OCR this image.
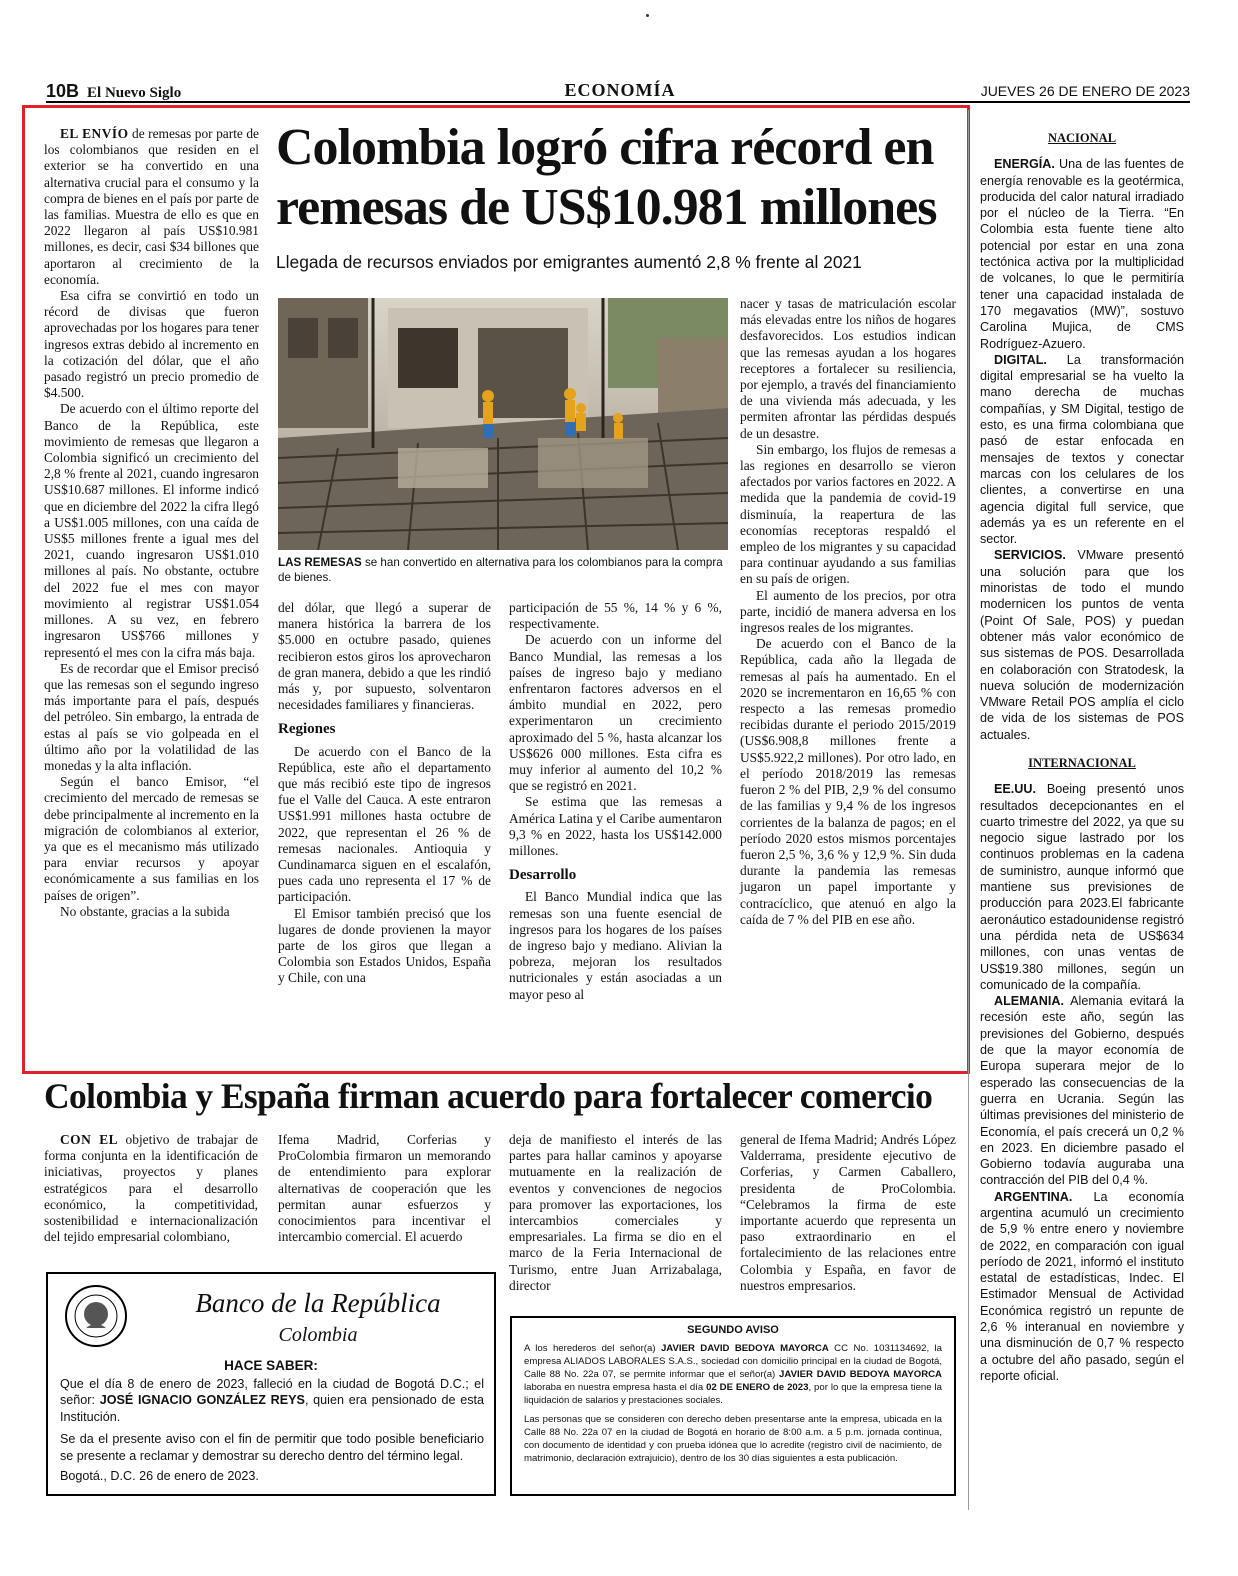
10B El Nuevo Siglo	ECONOMÍA	JUEVES 26 DE ENERO DE 2023
Colombia logró cifra récord en
remesas de US$10.981 millones
Llegada de recursos enviados por emigrantes aumentó 2,8 % frente al 2021

EL ENVÍO de remesas por parte de los colombianos que residen en el exterior se ha convertido en una alternativa crucial para el consumo y la compra de bienes en el país por parte de las familias. Muestra de ello es que en 2022 llegaron al país US$10.981 millones, es decir, casi $34 billones que aportaron al crecimiento de la economía.

Esa cifra se convirtió en todo un récord de divisas que fueron aprovechadas por los hogares para tener ingresos extras debido al incremento en la cotización del dólar, que el año pasado registró un precio promedio de $4.500.

De acuerdo con el último reporte del Banco de la República, este movimiento de remesas que llegaron a Colombia significó un crecimiento del 2,8 % frente al 2021, cuando ingresaron US$10.687 millones. El informe indicó que en diciembre del 2022 la cifra llegó a US$1.005 millones, con una caída de US$5 millones frente a igual mes del 2021, cuando ingresaron US$1.010 millones al país. No obstante, octubre del 2022 fue el mes con mayor movimiento al registrar US$1.054 millones. A su vez, en febrero ingresaron US$766 millones y representó el mes con la cifra más baja.

Es de recordar que el Emisor precisó que las remesas son el segundo ingreso más importante para el país, después del petróleo. Sin embargo, la entrada de estas al país se vio golpeada en el último año por la volatilidad de las monedas y la alta inflación.

Según el banco Emisor, “el crecimiento del mercado de remesas se debe principalmente al incremento en la migración de colombianos al exterior, ya que es el mecanismo más utilizado para enviar recursos y apoyar económicamente a sus familias en los países de origen”.

No obstante, gracias a la subida

LAS REMESAS se han convertido en alternativa para los colombianos para la compra de bienes.

del dólar, que llegó a superar de manera histórica la barrera de los $5.000 en octubre pasado, quienes recibieron estos giros los aprovecharon de gran manera, debido a que les rindió más y, por supuesto, solventaron necesidades familiares y financieras.

Regiones

De acuerdo con el Banco de la República, este año el departamento que más recibió este tipo de ingresos fue el Valle del Cauca. A este entraron US$1.991 millones hasta octubre de 2022, que representan el 26 % de remesas nacionales. Antioquia y Cundinamarca siguen en el escalafón, pues cada uno representa el 17 % de participación.

El Emisor también precisó que los lugares de donde provienen la mayor parte de los giros que llegan a Colombia son Estados Unidos, España y Chile, con una

participación de 55 %, 14 % y 6 %, respectivamente.

De acuerdo con un informe del Banco Mundial, las remesas a los países de ingreso bajo y mediano enfrentaron factores adversos en el ámbito mundial en 2022, pero experimentaron un crecimiento aproximado del 5 %, hasta alcanzar los US$626 000 millones. Esta cifra es muy inferior al aumento del 10,2 % que se registró en 2021.

Se estima que las remesas a América Latina y el Caribe aumentaron 9,3 % en 2022, hasta los US$142.000 millones.

Desarrollo

El Banco Mundial indica que las remesas son una fuente esencial de ingresos para los hogares de los países de ingreso bajo y mediano. Alivian la pobreza, mejoran los resultados nutricionales y están asociadas a un mayor peso al

nacer y tasas de matriculación escolar más elevadas entre los niños de hogares desfavorecidos. Los estudios indican que las remesas ayudan a los hogares receptores a fortalecer su resiliencia, por ejemplo, a través del financiamiento de una vivienda más adecuada, y les permiten afrontar las pérdidas después de un desastre.

Sin embargo, los flujos de remesas a las regiones en desarrollo se vieron afectados por varios factores en 2022. A medida que la pandemia de covid-19 disminuía, la reapertura de las economías receptoras respaldó el empleo de los migrantes y su capacidad para continuar ayudando a sus familias en su país de origen.

El aumento de los precios, por otra parte, incidió de manera adversa en los ingresos reales de los migrantes.

De acuerdo con el Banco de la República, cada año la llegada de remesas al país ha aumentado. En el 2020 se incrementaron en 16,65 % con respecto a las remesas promedio recibidas durante el periodo 2015/2019 (US$6.908,8 millones frente a US$5.922,2 millones). Por otro lado, en el período 2018/2019 las remesas fueron 2 % del PIB, 2,9 % del consumo de las familias y 9,4 % de los ingresos corrientes de la balanza de pagos; en el período 2020 estos mismos porcentajes fueron 2,5 %, 3,6 % y 12,9 %. Sin duda durante la pandemia las remesas jugaron un papel importante y contracíclico, que atenuó en algo la caída de 7 % del PIB en ese año.

NACIONAL

ENERGÍA. Una de las fuentes de energía renovable es la geotérmica, producida del calor natural irradiado por el núcleo de la Tierra. “En Colombia esta fuente tiene alto potencial por estar en una zona tectónica activa por la multiplicidad de volcanes, lo que le permitiría tener una capacidad instalada de 170 megavatios (MW)”, sostuvo Carolina Mujica, de CMS Rodríguez-Azuero.

DIGITAL. La transformación digital empresarial se ha vuelto la mano derecha de muchas compañías, y SM Digital, testigo de esto, es una firma colombiana que pasó de estar enfocada en mensajes de textos y conectar marcas con los celulares de los clientes, a convertirse en una agencia digital full service, que además ya es un referente en el sector.

SERVICIOS. VMware presentó una solución para que los minoristas de todo el mundo modernicen los puntos de venta (Point Of Sale, POS) y puedan obtener más valor económico de sus sistemas de POS. Desarrollada en colaboración con Stratodesk, la nueva solución de modernización VMware Retail POS amplía el ciclo de vida de los sistemas de POS actuales.

INTERNACIONAL

EE.UU. Boeing presentó unos resultados decepcionantes en el cuarto trimestre del 2022, ya que su negocio sigue lastrado por los continuos problemas en la cadena de suministro, aunque informó que mantiene sus previsiones de producción para 2023.El fabricante aeronáutico estadounidense registró una pérdida neta de US$634 millones, con unas ventas de US$19.380 millones, según un comunicado de la compañía.

ALEMANIA. Alemania evitará la recesión este año, según las previsiones del Gobierno, después de que la mayor economía de Europa superara mejor de lo esperado las consecuencias de la guerra en Ucrania. Según las últimas previsiones del ministerio de Economía, el país crecerá un 0,2 % en 2023. En diciembre pasado el Gobierno todavía auguraba una contracción del PIB del 0,4 %.

ARGENTINA. La economía argentina acumuló un crecimiento de 5,9 % entre enero y noviembre de 2022, en comparación con igual período de 2021, informó el instituto estatal de estadísticas, Indec. El Estimador Mensual de Actividad Económica registró un repunte de 2,6 % interanual en noviembre y una disminución de 0,7 % respecto a octubre del año pasado, según el reporte oficial.

Colombia y España firman acuerdo para fortalecer comercio

CON EL objetivo de trabajar de forma conjunta en la identificación de iniciativas, proyectos y planes estratégicos para el desarrollo económico, la competitividad, sostenibilidad e internacionalización del tejido empresarial colombiano,

Ifema Madrid, Corferias y ProColombia firmaron un memorando de entendimiento para explorar alternativas de cooperación que les permitan aunar esfuerzos y conocimientos para incentivar el intercambio comercial. El acuerdo

deja de manifiesto el interés de las partes para hallar caminos y apoyarse mutuamente en la realización de eventos y convenciones de negocios para promover las exportaciones, los intercambios comerciales y empresariales. La firma se dio en el marco de la Feria Internacional de Turismo, entre Juan Arrizabalaga, director

general de Ifema Madrid; Andrés López Valderrama, presidente ejecutivo de Corferias, y Carmen Caballero, presidenta de ProColombia. “Celebramos la firma de este importante acuerdo que representa un paso extraordinario en el fortalecimiento de las relaciones entre Colombia y España, en favor de nuestros empresarios.

Banco de la República
Colombia
HACE SABER:
Que el día 8 de enero de 2023, falleció en la ciudad de Bogotá D.C.; el señor: JOSÉ IGNACIO GONZÁLEZ REYS, quien era pensionado de esta Institución.
Se da el presente aviso con el fin de permitir que todo posible beneficiario se presente a reclamar y demostrar su derecho dentro del término legal.
Bogotá., D.C. 26 de enero de 2023.
SEGUNDO AVISO
A los herederos del señor(a) JAVIER DAVID BEDOYA MAYORCA CC No. 1031134692, la empresa ALIADOS LABORALES S.A.S., sociedad con domicilio principal en la ciudad de Bogotá, Calle 88 No. 22a 07, se permite informar que el señor(a) JAVIER DAVID BEDOYA MAYORCA laboraba en nuestra empresa hasta el día 02 DE ENERO de 2023, por lo que la empresa tiene la liquidación de salarios y prestaciones sociales.
Las personas que se consideren con derecho deben presentarse ante la empresa, ubicada en la Calle 88 No. 22a 07 en la ciudad de Bogotá en horario de 8:00 a.m. a 5 p.m. jornada continua, con documento de identidad y con prueba idónea que lo acredite (registro civil de nacimiento, de matrimonio, declaración extrajuicio), dentro de los 30 días siguientes a esta publicación.
